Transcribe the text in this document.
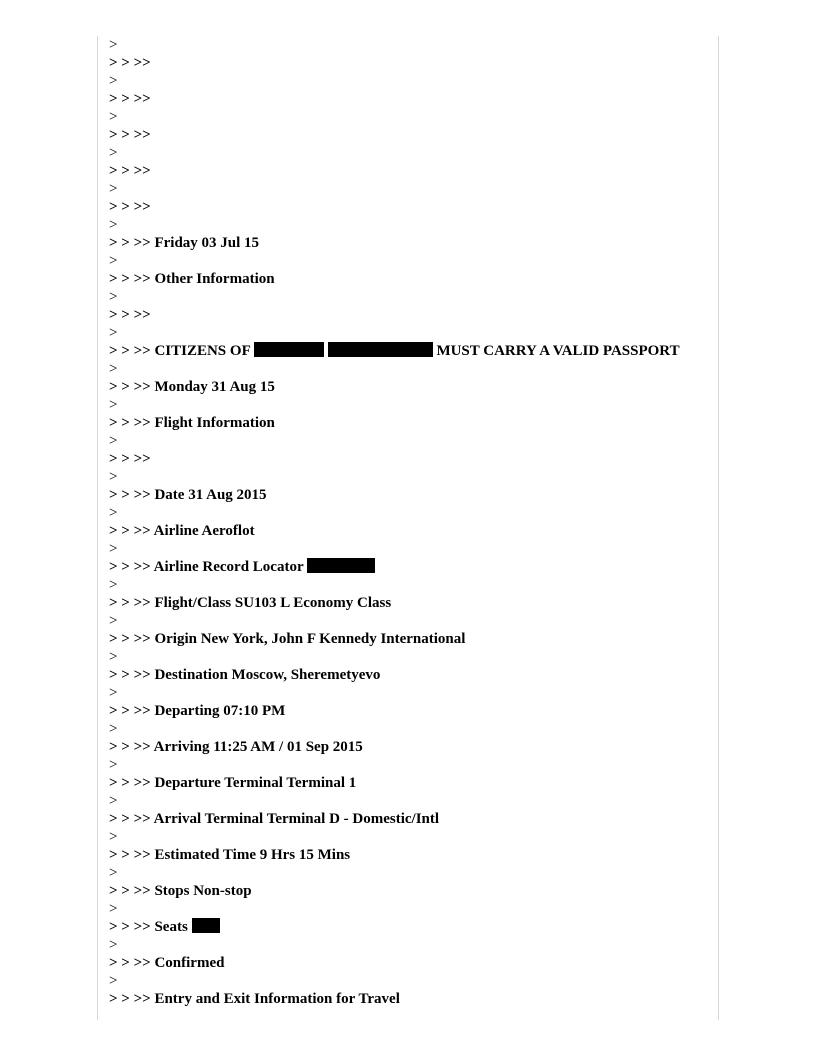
>
> > >>
>
> > >>
>
> > >>
>
> > >>
>
> > >>
>
> > >> Friday 03 Jul 15
>
> > >> Other Information
>
> > >>
>
> > >> CITIZENS OF	MUST CARRY A VALID PASSPORT
>
> > >> Monday 31 Aug 15
>
> > >> Flight Information
>
> > >>
>
> > >> Date 31 Aug 2015
>
> > >> Airline Aeroflot
>
> > >> Airline Record Locator
>
> > >> Flight/Class SU103 L Economy Class
>
> > >> Origin New York, John F Kennedy International
>
> > >> Destination Moscow, Sheremetyevo
>
> > >> Departing 07:10 PM
>
> > >> Arriving 11:25 AM / 01 Sep 2015
>
> > >> Departure Terminal Terminal 1
>
> > >> Arrival Terminal Terminal D - Domestic/Intl
>
> > >> Estimated Time 9 Hrs 15 Mins
>
> > >> Stops Non-stop
>
> > >> Seats
>
> > >> Confirmed
>
> > >> Entry and Exit Information for Travel
